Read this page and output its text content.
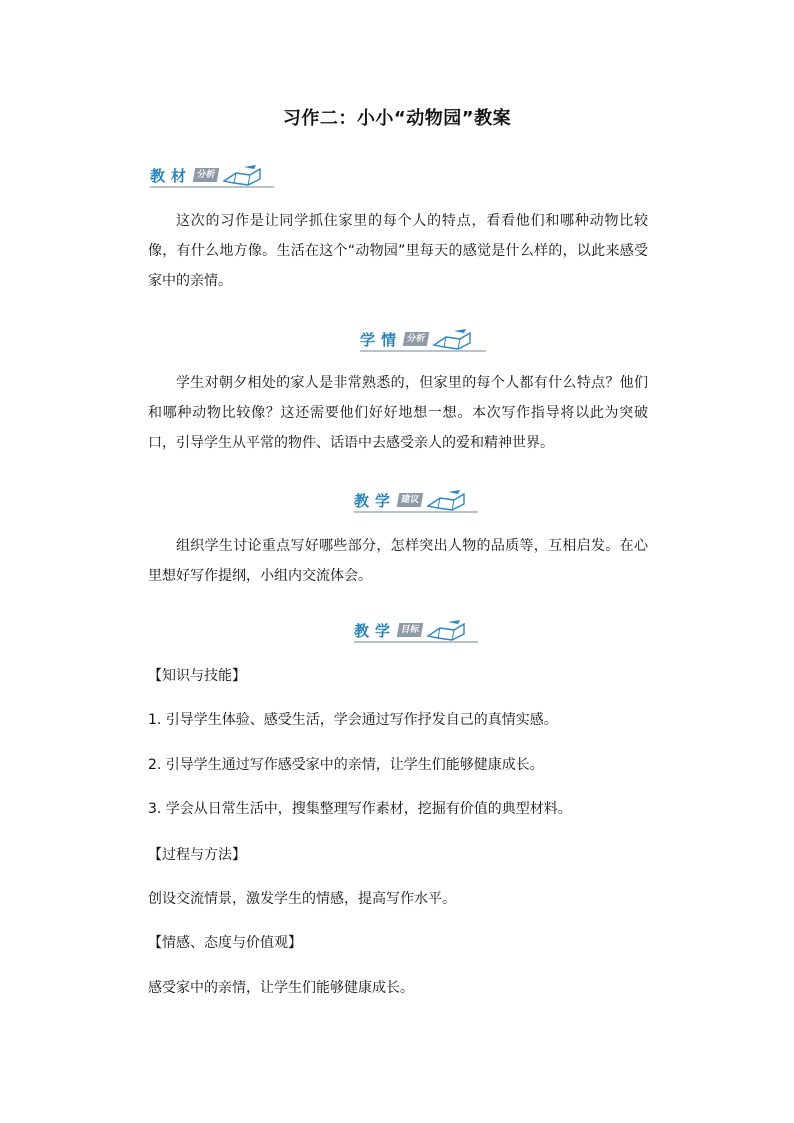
习作二：小小“动物园”教案
教材 分析
这次的习作是让同学抓住家里的每个人的特点，看看他们和哪种动物比较像，有什么地方像。生活在这个“动物园”里每天的感觉是什么样的，以此来感受家中的亲情。
学情 分析
学生对朝夕相处的家人是非常熟悉的，但家里的每个人都有什么特点？他们和哪种动物比较像？这还需要他们好好地想一想。本次写作指导将以此为突破口，引导学生从平常的物件、话语中去感受亲人的爱和精神世界。
教学 建议
组织学生讨论重点写好哪些部分，怎样突出人物的品质等，互相启发。在心里想好写作提纲，小组内交流体会。
教学 目标
【知识与技能】
1. 引导学生体验、感受生活，学会通过写作抒发自己的真情实感。
2. 引导学生通过写作感受家中的亲情，让学生们能够健康成长。
3. 学会从日常生活中，搜集整理写作素材，挖掘有价值的典型材料。
【过程与方法】
创设交流情景，激发学生的情感，提高写作水平。
【情感、态度与价值观】
感受家中的亲情，让学生们能够健康成长。
